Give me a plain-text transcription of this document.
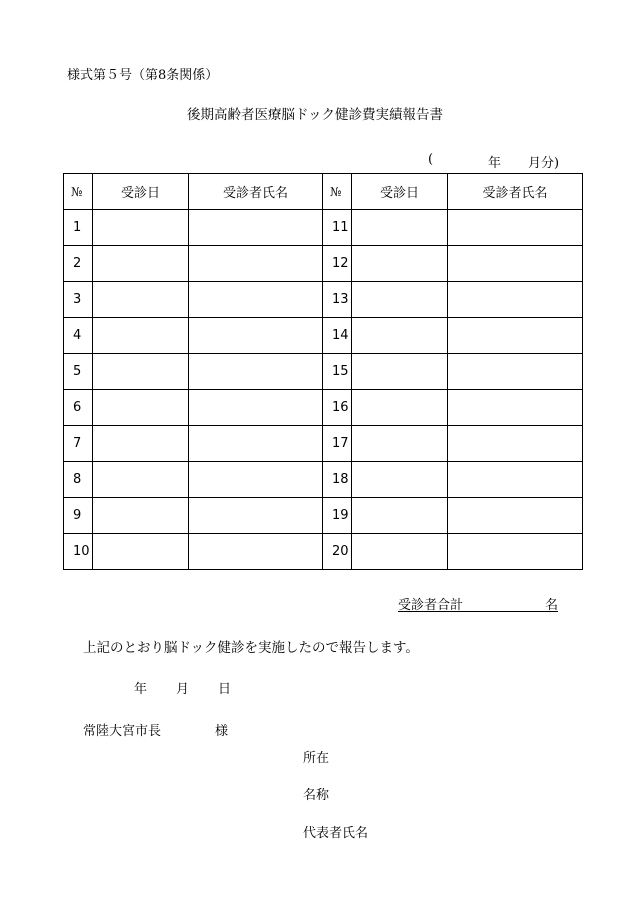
様式第５号（第8条関係）
後期高齢者医療脳ドック健診費実績報告書
(	年 月分)
№	受診日	受診者氏名	№	受診日	受診者氏名
1			11		
2			12		
3			13		
4			14		
5			15		
6			16		
7			17		
8			18		
9			19		
10			20		
受診者合計	名
上記のとおり脳ドック健診を実施したので報告します。
年 月 日
常陸大宮市長	様
所在
名称
代表者氏名
